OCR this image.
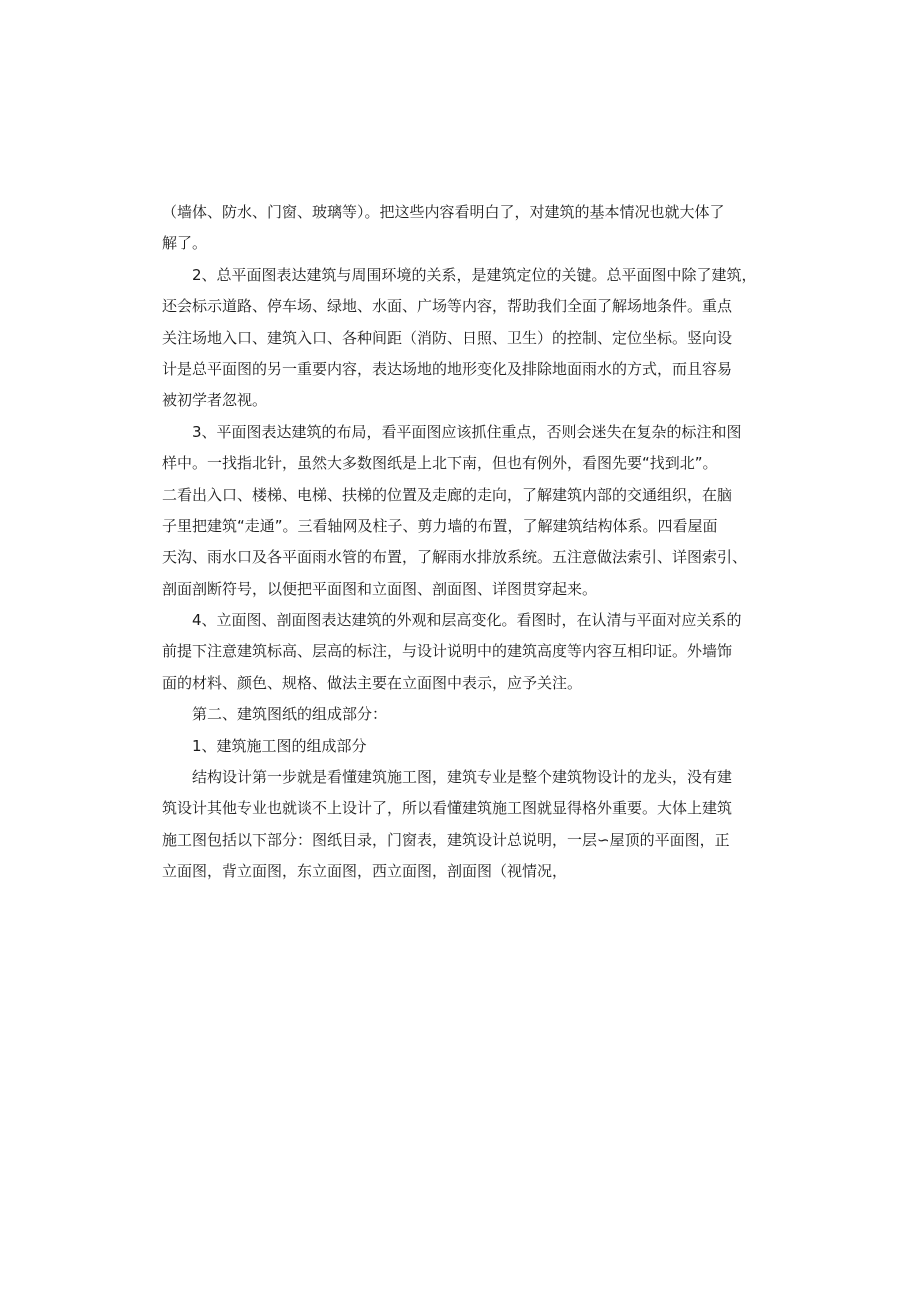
（墙体、防水、门窗、玻璃等）。把这些内容看明白了，对建筑的基本情况也就大体了

解了。

2、总平面图表达建筑与周围环境的关系，是建筑定位的关键。总平面图中除了建筑，

还会标示道路、停车场、绿地、水面、广场等内容，帮助我们全面了解场地条件。重点

关注场地入口、建筑入口、各种间距（消防、日照、卫生）的控制、定位坐标。竖向设

计是总平面图的另一重要内容，表达场地的地形变化及排除地面雨水的方式，而且容易

被初学者忽视。

3、平面图表达建筑的布局，看平面图应该抓住重点，否则会迷失在复杂的标注和图

样中。一找指北针，虽然大多数图纸是上北下南，但也有例外，看图先要“找到北”。

二看出入口、楼梯、电梯、扶梯的位置及走廊的走向，了解建筑内部的交通组织，在脑

子里把建筑“走通”。三看轴网及柱子、剪力墙的布置，了解建筑结构体系。四看屋面

天沟、雨水口及各平面雨水管的布置，了解雨水排放系统。五注意做法索引、详图索引、

剖面剖断符号，以便把平面图和立面图、剖面图、详图贯穿起来。

4、立面图、剖面图表达建筑的外观和层高变化。看图时，在认清与平面对应关系的

前提下注意建筑标高、层高的标注，与设计说明中的建筑高度等内容互相印证。外墙饰

面的材料、颜色、规格、做法主要在立面图中表示，应予关注。

第二、建筑图纸的组成部分：

1、建筑施工图的组成部分

结构设计第一步就是看懂建筑施工图，建筑专业是整个建筑物设计的龙头，没有建

筑设计其他专业也就谈不上设计了，所以看懂建筑施工图就显得格外重要。大体上建筑

施工图包括以下部分：图纸目录，门窗表，建筑设计总说明，一层∽屋顶的平面图，正

立面图，背立面图，东立面图，西立面图，剖面图（视情况，
